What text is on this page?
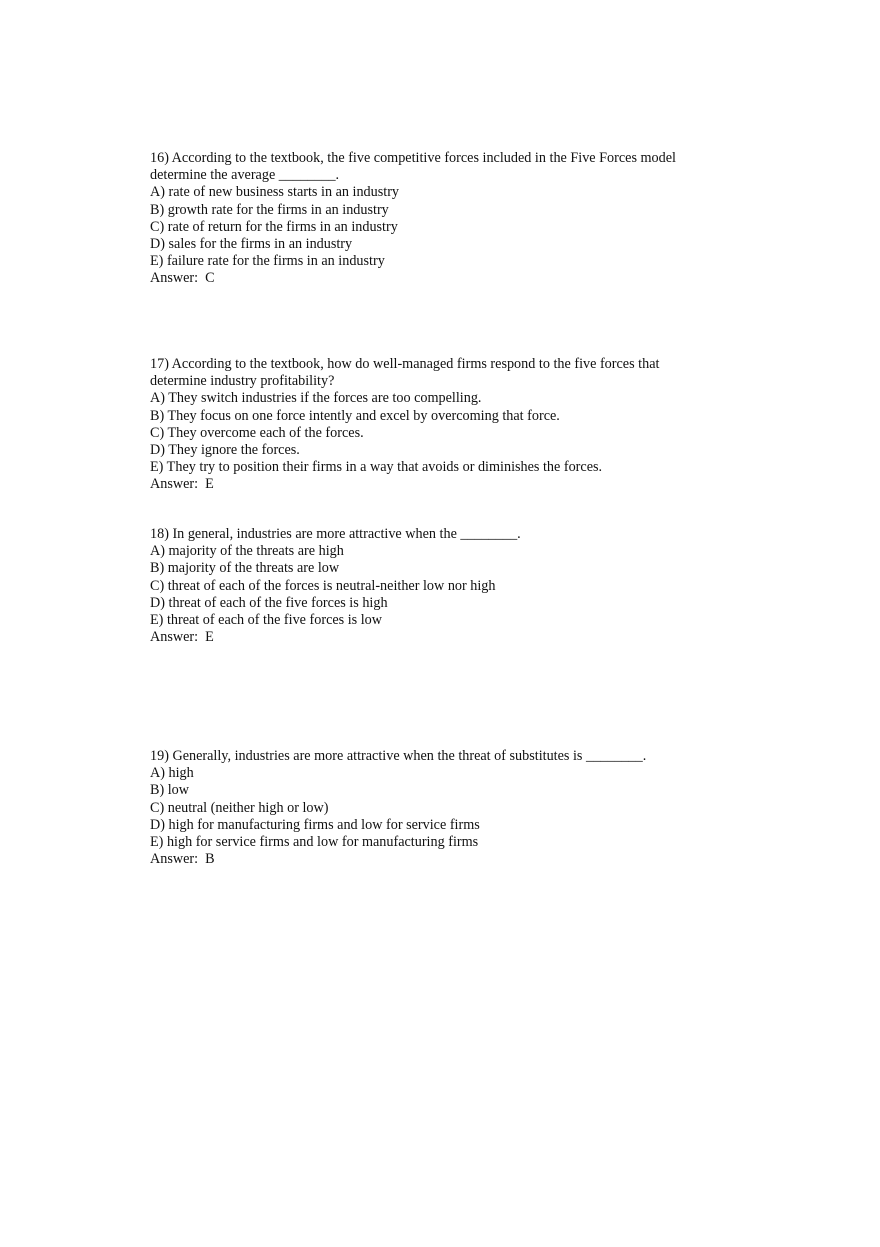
16) According to the textbook, the five competitive forces included in the Five Forces model

determine the average ________.

A) rate of new business starts in an industry

B) growth rate for the firms in an industry

C) rate of return for the firms in an industry

D) sales for the firms in an industry

E) failure rate for the firms in an industry

Answer:  C

17) According to the textbook, how do well-managed firms respond to the five forces that

determine industry profitability?

A) They switch industries if the forces are too compelling.

B) They focus on one force intently and excel by overcoming that force.

C) They overcome each of the forces.

D) They ignore the forces.

E) They try to position their firms in a way that avoids or diminishes the forces.

Answer:  E

18) In general, industries are more attractive when the ________.

A) majority of the threats are high

B) majority of the threats are low

C) threat of each of the forces is neutral-neither low nor high

D) threat of each of the five forces is high

E) threat of each of the five forces is low

Answer:  E

19) Generally, industries are more attractive when the threat of substitutes is ________.

A) high

B) low

C) neutral (neither high or low)

D) high for manufacturing firms and low for service firms

E) high for service firms and low for manufacturing firms

Answer:  B
